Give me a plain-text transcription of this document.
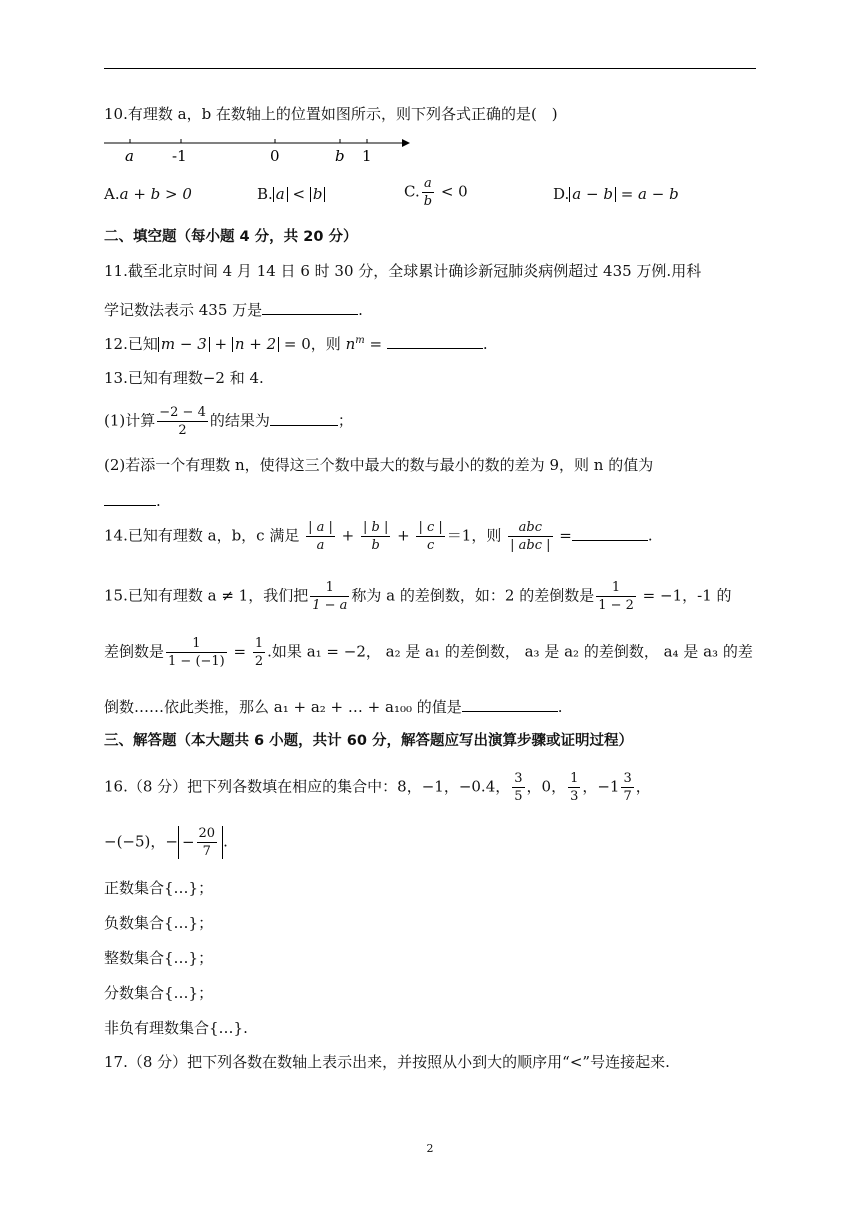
10.有理数 a，b 在数轴上的位置如图所示，则下列各式正确的是(　)
a	-1	0	b 1
A.a + b > 0	B. a < b	C. $\frac{a}{b} < 0$	D. a − b = a − b
二、填空题（每小题 4 分，共 20 分）
11.截至北京时间 4 月 14 日 6 时 30 分，全球累计确诊新冠肺炎病例超过 435 万例.用科
学记数法表示 435 万是	.
12.已知 m − 3 + n + 2 = 0，则 $n^m$ =	.
13.已知有理数−2 和 4.
(1)计算 $\frac{-2 - 4}{2}$ 的结果为	；
(2)若添一个有理数 n，使得这三个数中最大的数与最小的数的差为 9，则 n 的值为
.
14.已知有理数 a，b，c 满足 $\frac{| a |}{a} + \frac{| b |}{b} + \frac{| c |}{c} =1$，则 $\frac{\text{abc}}{\text{| abc |}}$ =	.
15.已知有理数 a ≠ 1，我们把 $\frac{1}{1 - a}$ 称为 a 的差倒数，如：2 的差倒数是 $\frac{1}{1 - 2} = -1$，-1 的
差倒数是 $\frac{1}{1 - (-1)} = \frac{1}{2}$ .如果 a₁ = −2， a₂ 是 a₁ 的差倒数， a₃ 是 a₂ 的差倒数， a₄ 是 a₃ 的差
倒数……依此类推，那么 a₁ + a₂ + … + a₁₀₀ 的值是	.
三、解答题（本大题共 6 小题，共计 60 分，解答题应写出演算步骤或证明过程）
16.（8 分）把下列各数填在相应的集合中：8，−1，−0.4， $\frac{3}{5}$ ，0， $\frac{1}{3}$ ，$-1 \frac{3}{7}$ ，
−(−5)，− − $\frac{20}{7}$ .
正数集合{…}；
负数集合{…}；
整数集合{…}；
分数集合{…}；
非负有理数集合{…}.
17.（8 分）把下列各数在数轴上表示出来，并按照从小到大的顺序用“<”号连接起来.
2
